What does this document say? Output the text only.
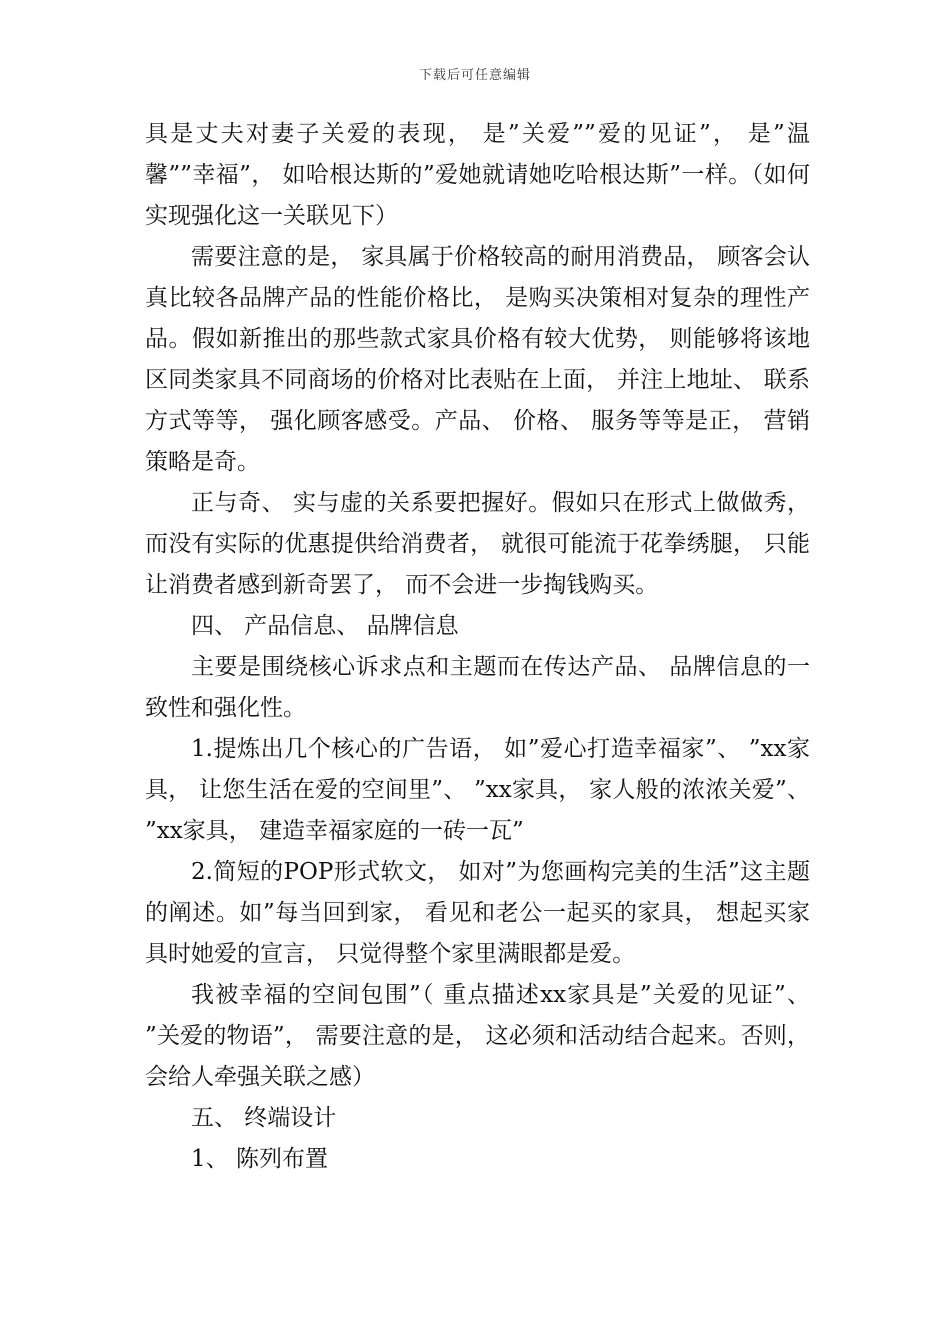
下载后可任意编辑

具是丈夫对妻子关爱的表现， 是”关爱””爱的见证”， 是”温馨””幸福”， 如哈根达斯的”爱她就请她吃哈根达斯”一样。（如何实现强化这一关联见下）

需要注意的是， 家具属于价格较高的耐用消费品， 顾客会认真比较各品牌产品的性能价格比， 是购买决策相对复杂的理性产品。假如新推出的那些款式家具价格有较大优势， 则能够将该地区同类家具不同商场的价格对比表贴在上面， 并注上地址、 联系方式等等， 强化顾客感受。产品、 价格、 服务等等是正， 营销策略是奇。

正与奇、 实与虚的关系要把握好。假如只在形式上做做秀， 而没有实际的优惠提供给消费者， 就很可能流于花拳绣腿， 只能让消费者感到新奇罢了， 而不会进一步掏钱购买。

四、 产品信息、 品牌信息

主要是围绕核心诉求点和主题而在传达产品、 品牌信息的一致性和强化性。

1.提炼出几个核心的广告语， 如”爱心打造幸福家”、 ”xx家具， 让您生活在爱的空间里”、 ”xx家具， 家人般的浓浓关爱”、 ”xx家具， 建造幸福家庭的一砖一瓦”

2.简短的POP形式软文， 如对”为您画构完美的生活”这主题的阐述。如”每当回到家， 看见和老公一起买的家具， 想起买家具时她爱的宣言， 只觉得整个家里满眼都是爱。

我被幸福的空间包围”（ 重点描述xx家具是”关爱的见证”、 ”关爱的物语”， 需要注意的是， 这必须和活动结合起来。否则， 会给人牵强关联之感）

五、 终端设计

1、 陈列布置
